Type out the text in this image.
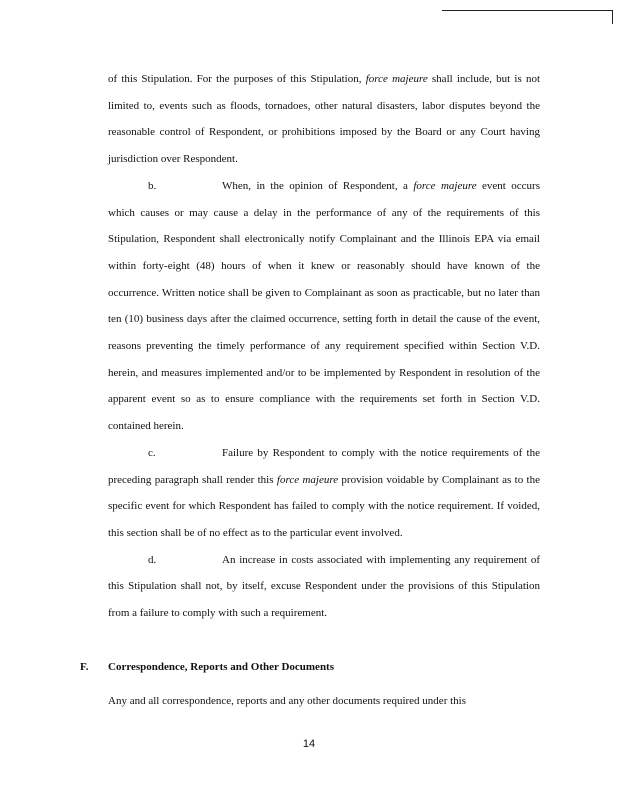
of this Stipulation. For the purposes of this Stipulation, force majeure shall include, but is not limited to, events such as floods, tornadoes, other natural disasters, labor disputes beyond the reasonable control of Respondent, or prohibitions imposed by the Board or any Court having jurisdiction over Respondent.

b.	When, in the opinion of Respondent, a force majeure event occurs which causes or may cause a delay in the performance of any of the requirements of this Stipulation, Respondent shall electronically notify Complainant and the Illinois EPA via email within forty-eight (48) hours of when it knew or reasonably should have known of the occurrence. Written notice shall be given to Complainant as soon as practicable, but no later than ten (10) business days after the claimed occurrence, setting forth in detail the cause of the event, reasons preventing the timely performance of any requirement specified within Section V.D. herein, and measures implemented and/or to be implemented by Respondent in resolution of the apparent event so as to ensure compliance with the requirements set forth in Section V.D. contained herein.

c.	Failure by Respondent to comply with the notice requirements of the preceding paragraph shall render this force majeure provision voidable by Complainant as to the specific event for which Respondent has failed to comply with the notice requirement. If voided, this section shall be of no effect as to the particular event involved.

d.	An increase in costs associated with implementing any requirement of this Stipulation shall not, by itself, excuse Respondent under the provisions of this Stipulation from a failure to comply with such a requirement.

F. Correspondence, Reports and Other Documents
Any and all correspondence, reports and any other documents required under this
14
